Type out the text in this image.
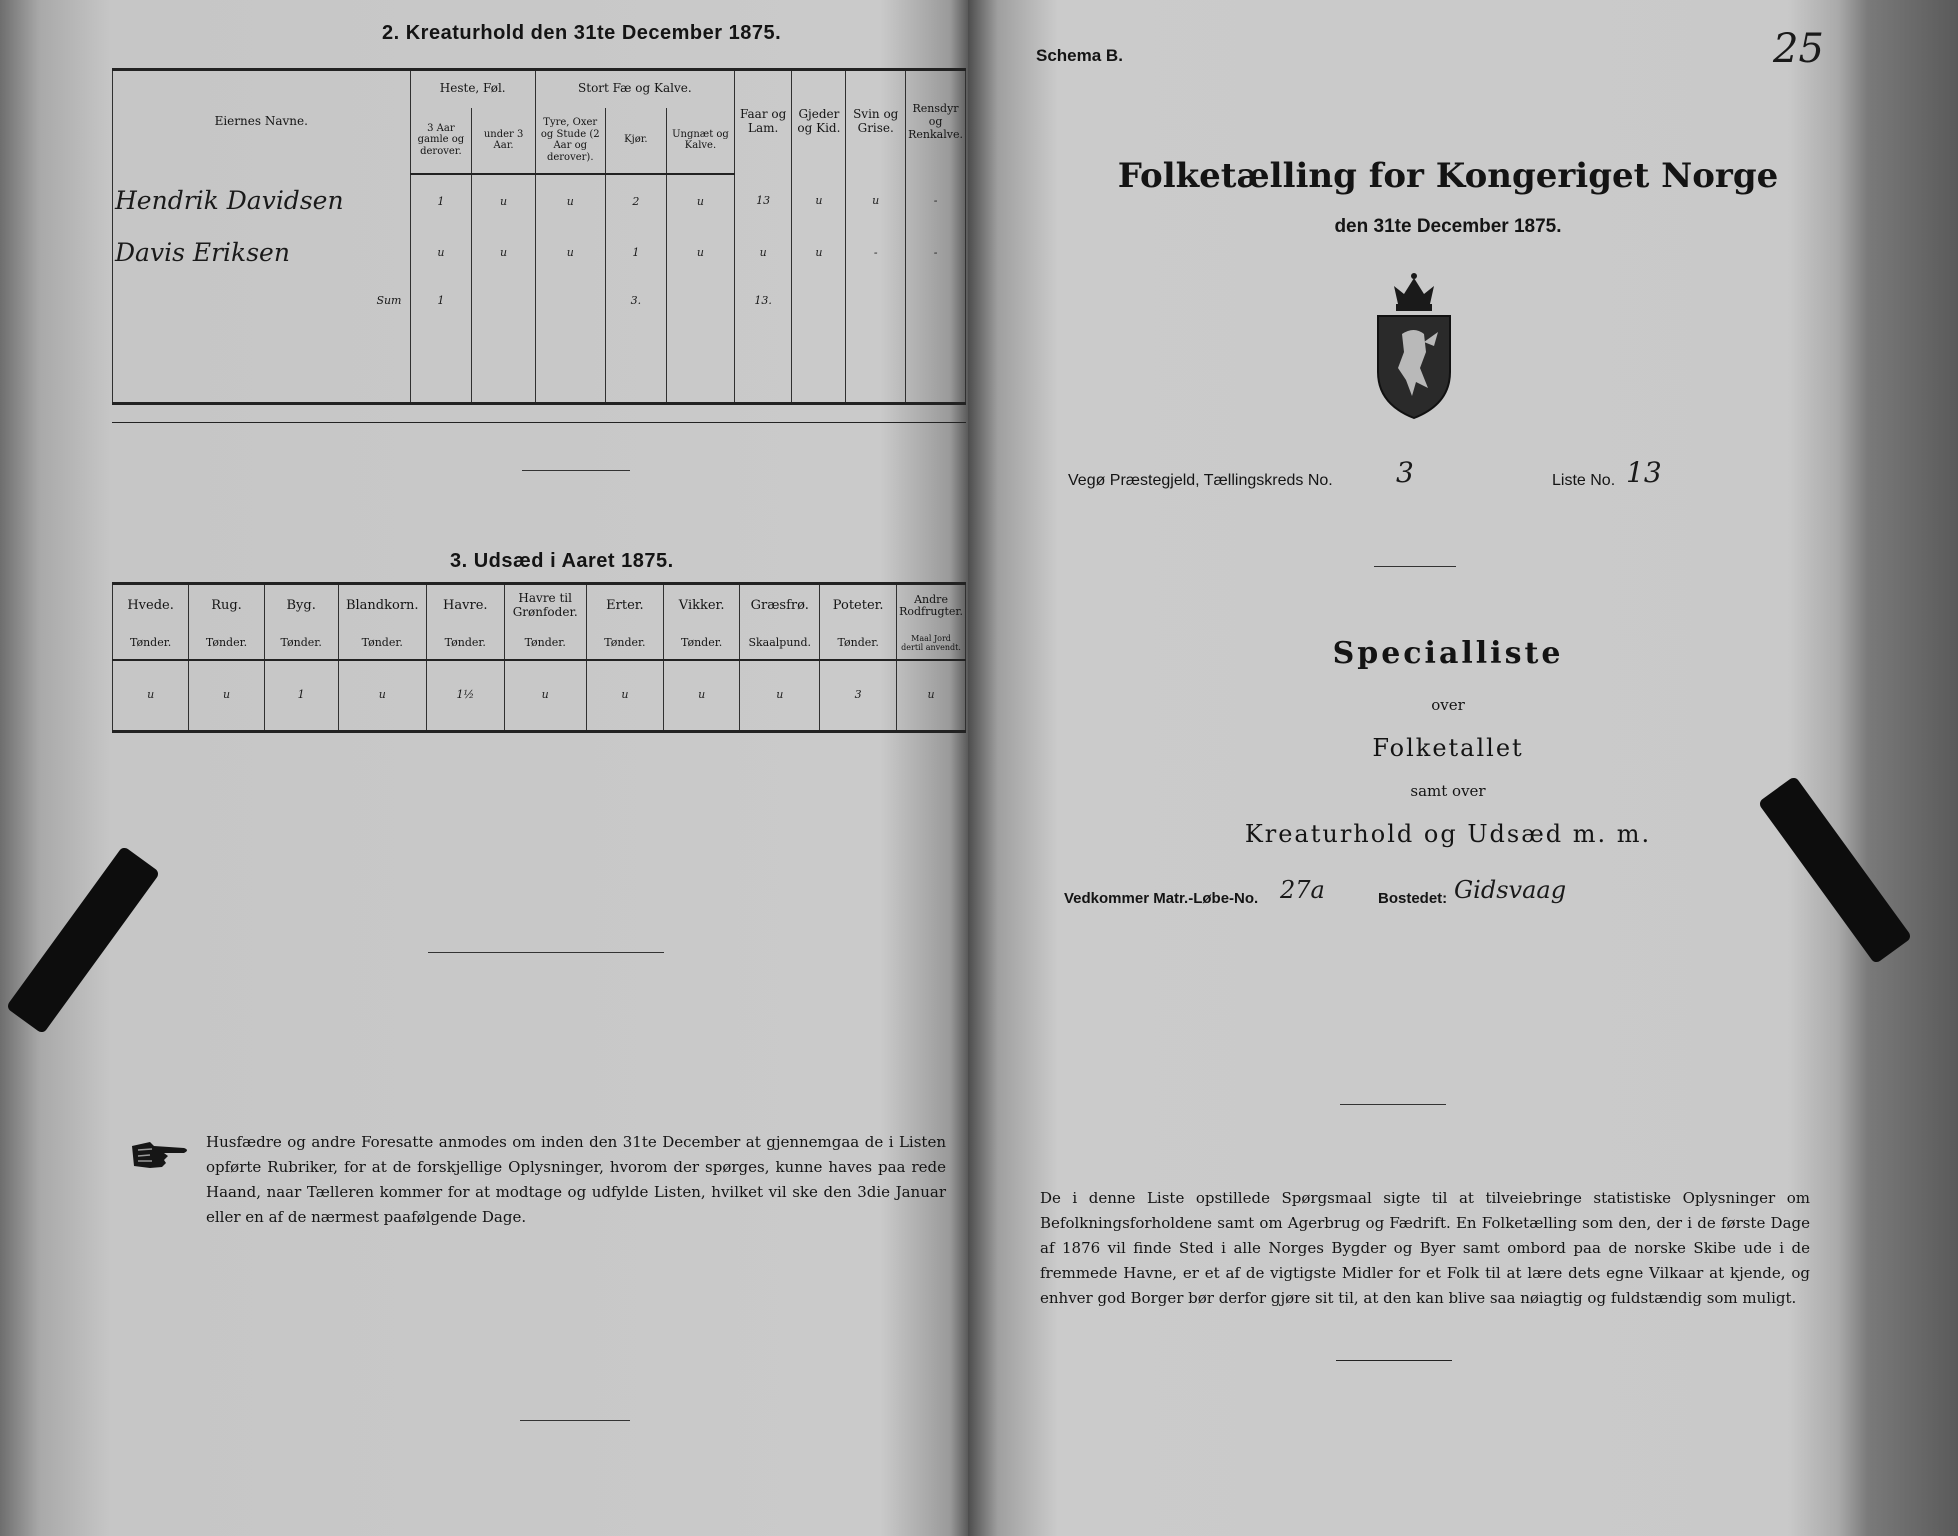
2. Kreaturhold den 31te December 1875.
Eiernes Navne.	Heste, Føl.		Stort Fæ og Kalve.			Faar og Lam.	Gjeder og Kid.	Svin og Grise.	Rensdyr og Renkalve.
	3 Aar gamle og derover.	under 3 Aar.	Tyre, Oxer og Stude (2 Aar og derover).	Kjør.	Ungnæt og Kalve.				
Hendrik Davidsen	1	u	u	2	u	13	u	u	-
Davis Eriksen	u	u	u	1	u	u	u	-	-
Sum	1			3.		13.			

3. Udsæd i Aaret 1875.
Hvede.	Rug.	Byg.	Blandkorn.	Havre.	Havre til Grønfoder.	Erter.	Vikker.	Græsfrø.	Poteter.	Andre Rodfrugter.
Tønder.	Tønder.	Tønder.	Tønder.	Tønder.	Tønder.	Tønder.	Tønder.	Skaalpund.	Tønder.	Maal Jord dertil anvendt.
u	u	1	u	1½	u	u	u	u	3	u
Husfædre og andre Foresatte anmodes om inden den 31te December at gjennemgaa de i Listen opførte Rubriker, for at de forskjellige Oplysninger, hvorom der spørges, kunne haves paa rede Haand, naar Tælleren kommer for at modtage og udfylde Listen, hvilket vil ske den 3die Januar eller en af de nærmest paafølgende Dage.
Schema B.	25
Folketælling for Kongeriget Norge
den 31te December 1875.
Vegø Præstegjeld, Tællingskreds No. 3	Liste No. 13
Specialliste
over
Folketallet
samt over
Kreaturhold og Udsæd m. m.
Vedkommer Matr.-Løbe-No. 27a	Bostedet: Gidsvaag
De i denne Liste opstillede Spørgsmaal sigte til at tilveiebringe statistiske Oplysninger om Befolkningsforholdene samt om Agerbrug og Fædrift. En Folketælling som den, der i de første Dage af 1876 vil finde Sted i alle Norges Bygder og Byer samt ombord paa de norske Skibe ude i de fremmede Havne, er et af de vigtigste Midler for et Folk til at lære dets egne Vilkaar at kjende, og enhver god Borger bør derfor gjøre sit til, at den kan blive saa nøiagtig og fuldstændig som muligt.
